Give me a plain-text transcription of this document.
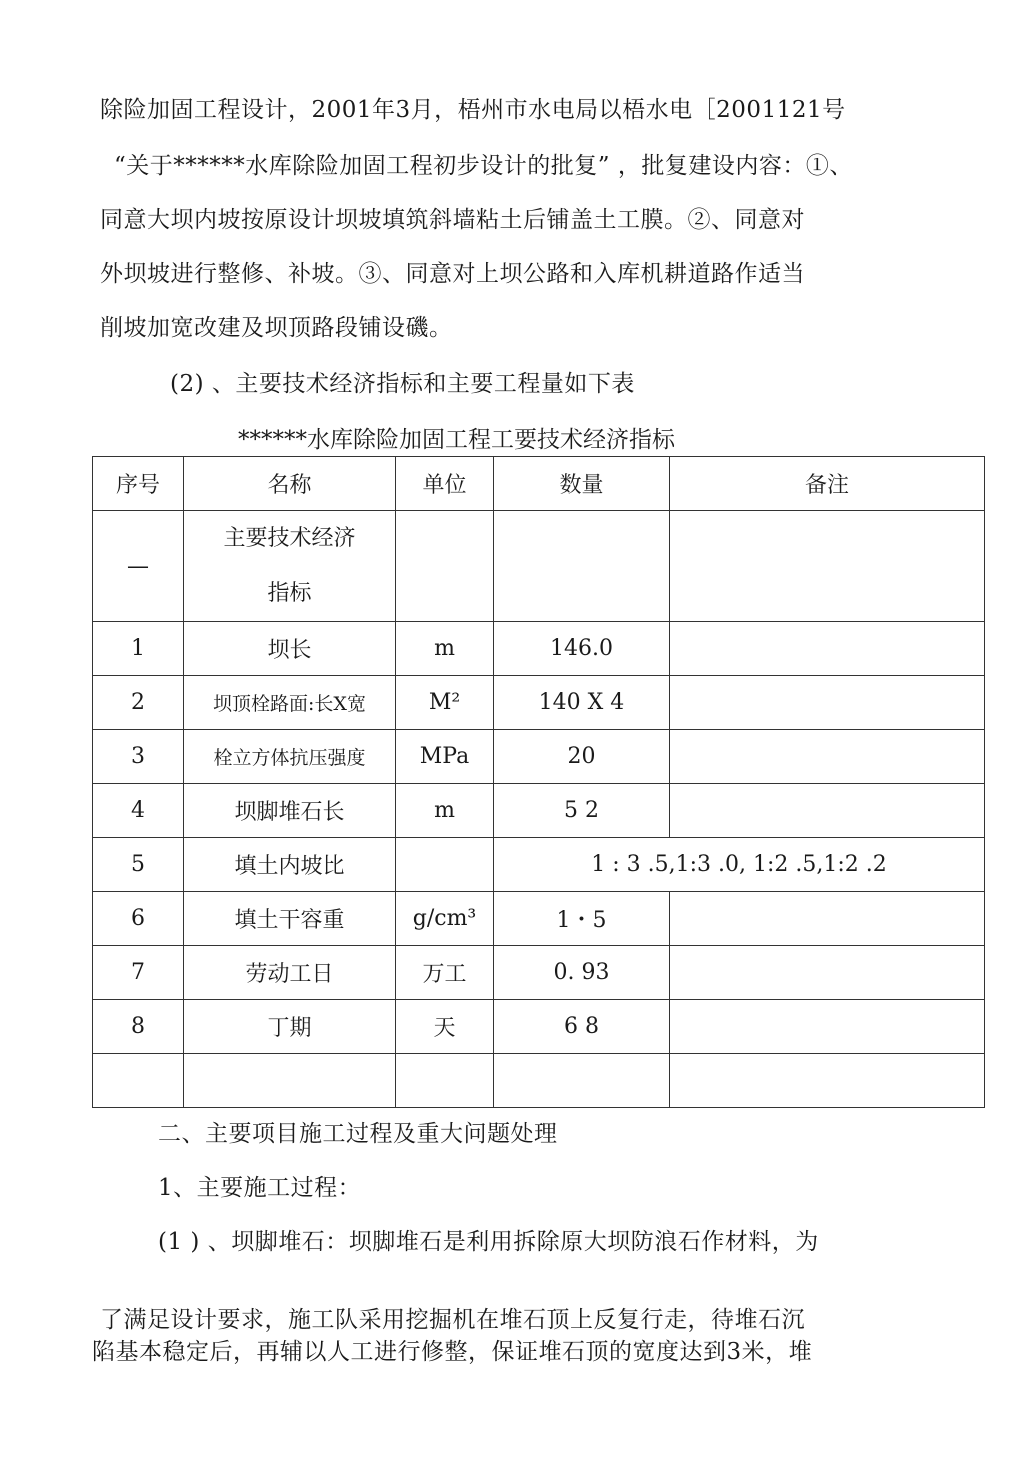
除险加固工程设计，2001年3月，梧州市水电局以梧水电［2001121号
“关于******水库除险加固工程初步设计的批复” ，批复建设内容：①、
同意大坝内坡按原设计坝坡填筑斜墙粘土后铺盖土工膜。②、同意对
外坝坡进行整修、补坡。③、同意对上坝公路和入库机耕道路作适当
削坡加宽改建及坝顶路段铺设磯。
(2) 、主要技术经济指标和主要工程量如下表
******水库除险加固工程工要技术经济指标
序号	名称	单位	数量	备注
—	主要技术经济
指标			

1	坝长	m	146.0	
2	坝顶栓路面:长X宽	M²	140 X 4	
3	栓立方体抗压强度	MPa	20	
4	坝脚堆石长	m	5 2	
5	填土内坡比		1 : 3 .5,1:3 .0, 1:2 .5,1:2 .2	
6	填土干容重	g/cm³	1・5	
7	劳动工日	万工	0. 93	
8	丁期	天	6 8	

二、主要项目施工过程及重大问题处理
1、主要施工过程：
(1 ) 、坝脚堆石：坝脚堆石是利用拆除原大坝防浪石作材料，为
了满足设计要求，施工队采用挖掘机在堆石顶上反复行走，待堆石沉
陷基本稳定后，再辅以人工进行修整，保证堆石顶的宽度达到3米，堆
